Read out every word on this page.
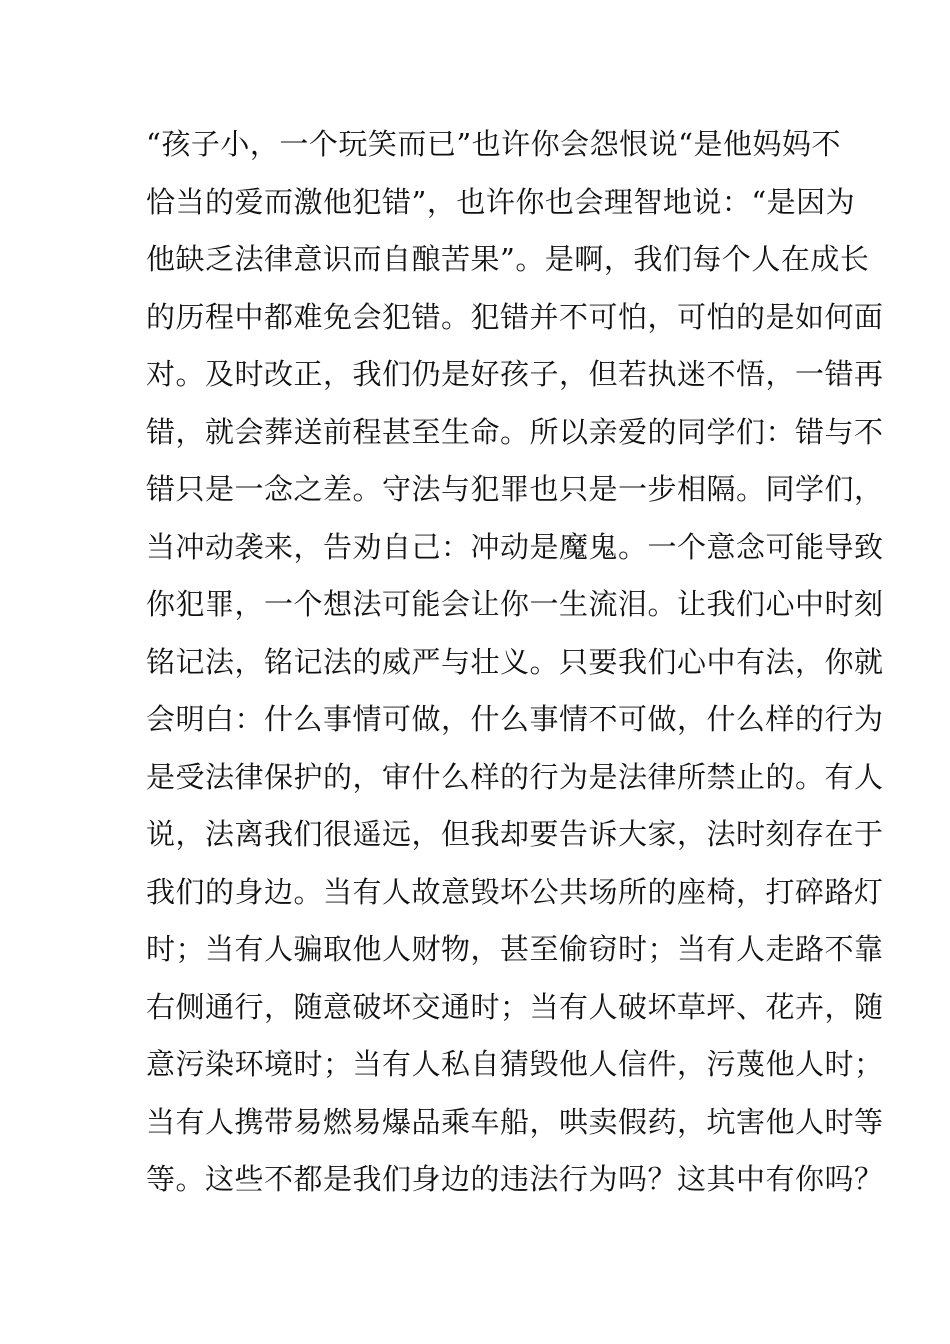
“孩子小，一个玩笑而已”也许你会怨恨说“是他妈妈不
恰当的爱而激他犯错”，也许你也会理智地说：“是因为
他缺乏法律意识而自酿苦果”。是啊，我们每个人在成长
的历程中都难免会犯错。犯错并不可怕，可怕的是如何面
对。及时改正，我们仍是好孩子，但若执迷不悟，一错再
错，就会葬送前程甚至生命。所以亲爱的同学们：错与不
错只是一念之差。守法与犯罪也只是一步相隔。同学们，
当冲动袭来，告劝自己：冲动是魔鬼。一个意念可能导致
你犯罪，一个想法可能会让你一生流泪。让我们心中时刻
铭记法，铭记法的威严与壮义。只要我们心中有法，你就
会明白：什么事情可做，什么事情不可做，什么样的行为
是受法律保护的，审什么样的行为是法律所禁止的。有人
说，法离我们很遥远，但我却要告诉大家，法时刻存在于
我们的身边。当有人故意毁坏公共场所的座椅，打碎路灯
时；当有人骗取他人财物，甚至偷窃时；当有人走路不靠
右侧通行，随意破坏交通时；当有人破坏草坪、花卉，随
意污染环境时；当有人私自猜毁他人信件，污蔑他人时；
当有人携带易燃易爆品乘车船，哄卖假药，坑害他人时等
等。这些不都是我们身边的违法行为吗？这其中有你吗？
